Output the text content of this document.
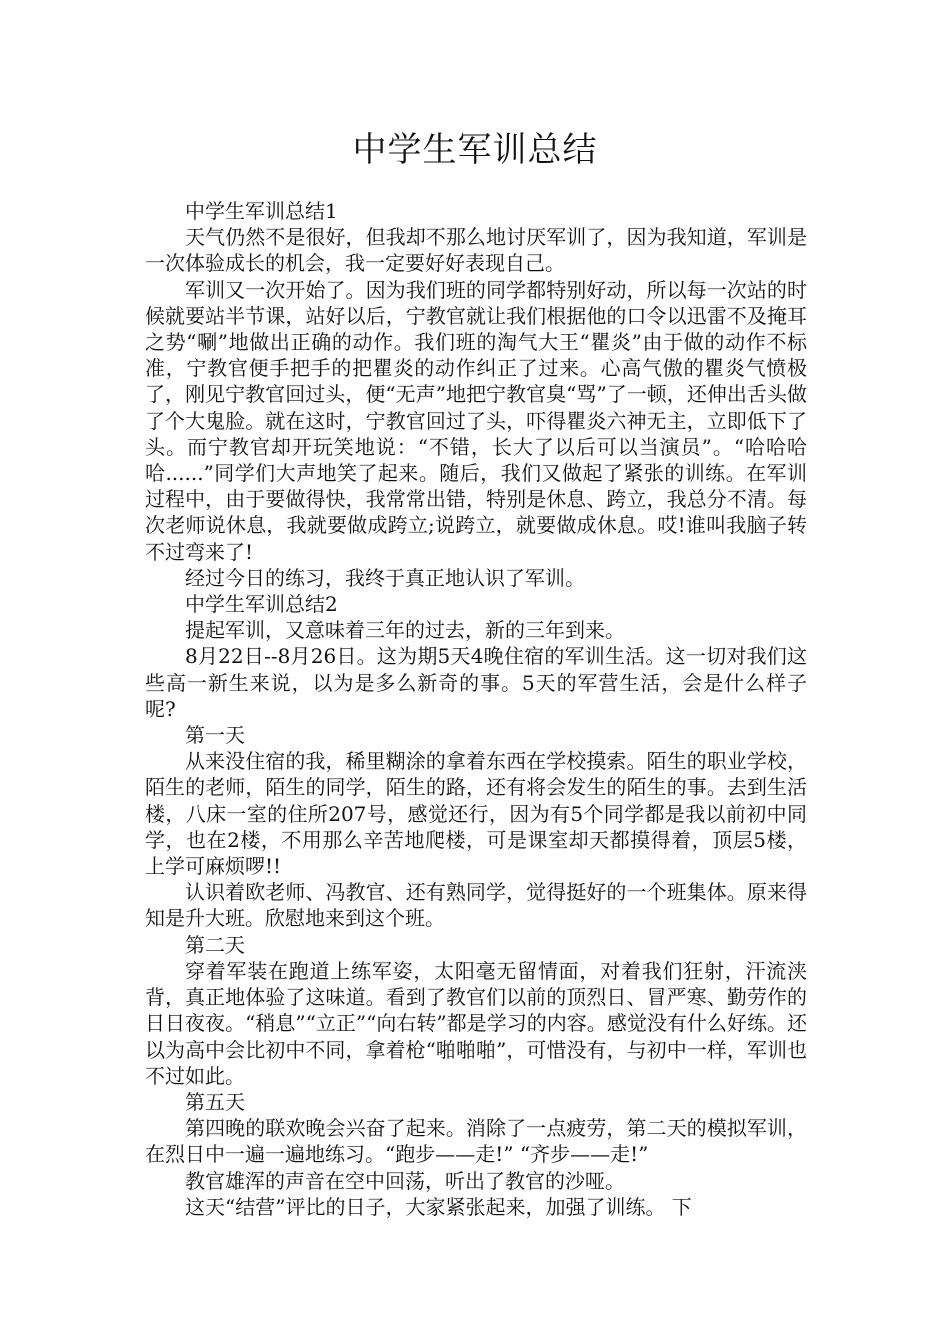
中学生军训总结

中学生军训总结1

天气仍然不是很好，但我却不那么地讨厌军训了，因为我知道，军训是一次体验成长的机会，我一定要好好表现自己。

军训又一次开始了。因为我们班的同学都特别好动，所以每一次站的时候就要站半节课，站好以后，宁教官就让我们根据他的口令以迅雷不及掩耳之势“唰”地做出正确的动作。我们班的淘气大王“瞿炎”由于做的动作不标准，宁教官便手把手的把瞿炎的动作纠正了过来。心高气傲的瞿炎气愤极了，刚见宁教官回过头，便“无声”地把宁教官臭“骂”了一顿，还伸出舌头做了个大鬼脸。就在这时，宁教官回过了头，吓得瞿炎六神无主，立即低下了头。而宁教官却开玩笑地说：“不错，长大了以后可以当演员”。“哈哈哈哈......”同学们大声地笑了起来。随后，我们又做起了紧张的训练。在军训过程中，由于要做得快，我常常出错，特别是休息、跨立，我总分不清。每次老师说休息，我就要做成跨立;说跨立，就要做成休息。哎!谁叫我脑子转不过弯来了!

经过今日的练习，我终于真正地认识了军训。

中学生军训总结2

提起军训，又意味着三年的过去，新的三年到来。

8月22日--8月26日。这为期5天4晚住宿的军训生活。这一切对我们这些高一新生来说，以为是多么新奇的事。5天的军营生活，会是什么样子呢?

第一天

从来没住宿的我，稀里糊涂的拿着东西在学校摸索。陌生的职业学校，陌生的老师，陌生的同学，陌生的路，还有将会发生的陌生的事。去到生活楼，八床一室的住所207号，感觉还行，因为有5个同学都是我以前初中同学，也在2楼，不用那么辛苦地爬楼，可是课室却天都摸得着，顶层5楼，上学可麻烦啰!!

认识着欧老师、冯教官、还有熟同学，觉得挺好的一个班集体。原来得知是升大班。欣慰地来到这个班。

第二天

穿着军装在跑道上练军姿，太阳毫无留情面，对着我们狂射，汗流浃背，真正地体验了这味道。看到了教官们以前的顶烈日、冒严寒、勤劳作的日日夜夜。“稍息”“立正”“向右转”都是学习的内容。感觉没有什么好练。还以为高中会比初中不同，拿着枪“啪啪啪”，可惜没有，与初中一样，军训也不过如此。

第五天

第四晚的联欢晚会兴奋了起来。消除了一点疲劳，第二天的模拟军训，在烈日中一遍一遍地练习。“跑步——走!” “齐步——走!”

教官雄浑的声音在空中回荡，听出了教官的沙哑。

这天“结营”评比的日子，大家紧张起来，加强了训练。 下
